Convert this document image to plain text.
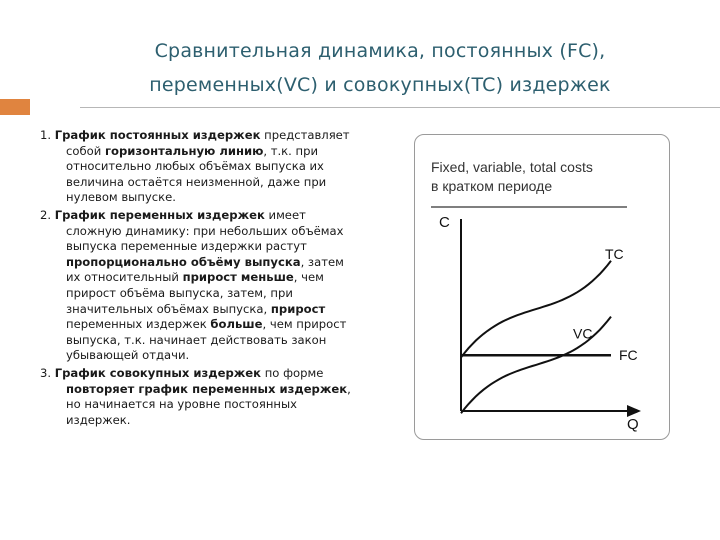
Сравнительная динамика, постоянных (FC),
переменных(VC) и совокупных(TC) издержек
1. График постоянных издержек представляет
собой горизонтальную линию, т.к. при
относительно любых объёмах выпуска их
величина остаётся неизменной, даже при
нулевом выпуске.
2. График переменных издержек имеет
сложную динамику: при небольших объёмах
выпуска переменные издержки растут
пропорционально объёму выпуска, затем
их относительный прирост меньше, чем
прирост объёма выпуска, затем, при
значительных объёмах выпуска, прирост
переменных издержек больше, чем прирост
выпуска, т.к. начинает действовать закон
убывающей отдачи.
3. График совокупных издержек по форме
повторяет график переменных издержек,
но начинается на уровне постоянных
издержек.
Fixed, variable, total costs
в кратком периоде
C
Q
TC
FC
VC
